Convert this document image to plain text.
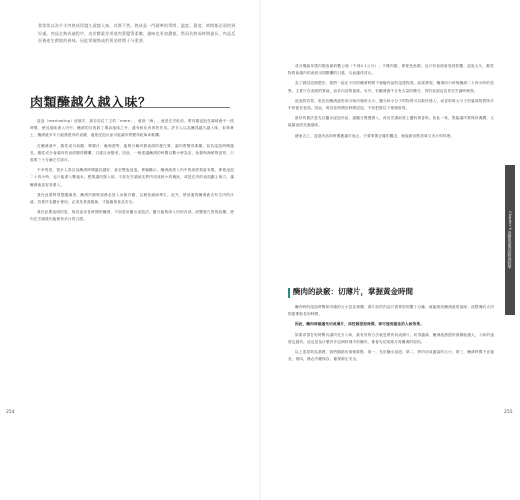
我常常以為牛羊肉熟成得越久就越入味，其實不然。熟成是一門精準的學問，溫度、濕度、時間都必須恰到好處。肉品在熟成過程中，由於酵素作用使肉質變得柔嫩，風味也更加濃郁。然而若熟成時間過長，肉品反而會產生腐敗的異味，因此掌握熟成的黃金時間十分重要。
肉類醃越久越入味？

浸泡（marinating）這個字，源自於拉丁文的「mare」，意指「海」。就是在烹飪前，將肉類浸泡在調味液中一段時間，使其風味滲入肉中。醃漬的目的除了增添風味之外，還有軟化肉質的作用。許多人以為醃得越久越入味，但事實上，醃漬液多半只能滲透肉的表層，過度浸泡反而可能讓肉質變得乾柴或軟爛。

在醃漬液中，酸性成分如醋、檸檬汁、葡萄酒等，能夠分解肉類表面的蛋白質，讓肉質變得柔嫩。但若浸泡時間過長，酸性成分會讓肉的表面變得糊爛，口感反而變差。因此，一般建議醃漬的時間以數小時為宜，魚類與海鮮則更短，只需要三十分鐘左右即可。

不幸的是，很多人誤以為醃漬時間越長越好，甚至整夜浸泡。實驗顯示，醃漬液滲入肉中的深度相當有限，即使浸泡二十四小時，也只能滲入數毫米。想要讓肉類入味，不如在烹調前先將肉切成較小的塊狀，或是在肉的表面劃上幾刀，讓醃漬液更容易滲入。

我在此要特別提醒讀者，醃漬肉類時請務必放入冰箱冷藏，以避免細菌孳生。此外，使用過的醃漬液含有生肉的汁液，若要作為醬汁使用，必須先煮沸殺菌，才能確保食品安全。

我在此要說明的是，與其追求長時間的醃漬，不如善用鹽水浸泡法。鹽分能夠深入肉的內部，改變蛋白質的結構，使肉在烹調後仍能保持多汁的口感。

254

成分僅能穿透肉類表面約數公厘（不到0.1公分）。不僅肉類，即使是魚類，也只有表面會受到影響。浸泡太久，酸性物質會讓肉的表面出現糊爛的口感，反而適得其反。

為了測試這個想法，我們一起在不同的醃漬時間下檢驗肉品的浸透程度。結果發現，醃漬四小時與醃漬二十四小時的差異，主要只在表面的質地，而非內部的風味。另外，若醃漬液中含有大量的糖分，肉的表面也容易在烹調時燒焦。

浸泡的效果，取決於醃漬液的成分與肉塊的大小。鹽分和小分子的物質可以較快滲入，而香料與大分子的風味物質則多半停留在表面。因此，與其花時間長時間浸泡，不如把握以下幾個原則。

最好的做法是先以鹽水浸泡肉品，讓鹽分慢慢滲入，再於烹調前塗上醬料與香料。如此一來，既能讓肉質保持濕潤，又能讓表面充滿風味。

總而言之，浸泡肉品的時間應適可而止。只要掌握正確的觀念，就能做出既美味又多汁的料理。

醃肉的訣竅：切薄片，掌握黃金時間

醃肉時的浸泡時間和肉塊的大小息息相關。薄片狀的肉品只需要短短數十分鐘，就能吸收醃漬液的風味；而整塊的大肉則需要較長的時間。

因此，醃肉時建議先切成薄片，再控制浸泡時間，即可達到最佳的入味效果。

如果希望在短時間內讓肉充分入味，最有效的方法就是將肉切成薄片。切得越薄，醃漬液滲透的面積就越大，入味的速度也越快。這也是為什麼許多亞洲料理中的醃肉，都會先切成薄片再醃漬的原因。

以上述原則為基礎，我們歸納出幾個要點：第一，先用鹽水浸泡；第二，將肉切成適當的大小；第三，醃漬時間不宜過長；第四，務必冷藏保存，確保衛生安全。

Chapter 5 肉類與禽肉的料理科學
255
